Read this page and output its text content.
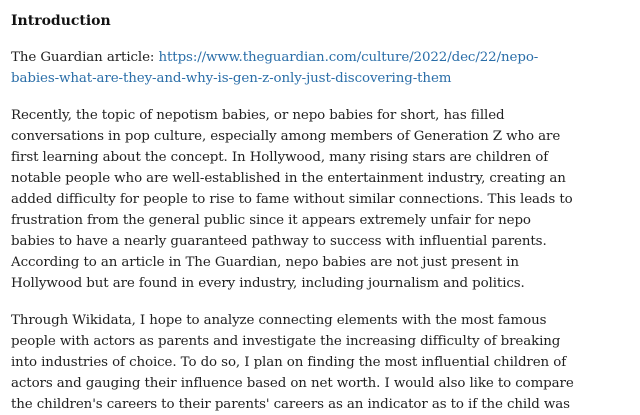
Introduction

The Guardian article: https://www.theguardian.com/culture/2022/dec/22/nepo-
babies-what-are-they-and-why-is-gen-z-only-just-discovering-them

Recently, the topic of nepotism babies, or nepo babies for short, has filled
conversations in pop culture, especially among members of Generation Z who are
first learning about the concept. In Hollywood, many rising stars are children of
notable people who are well-established in the entertainment industry, creating an
added difficulty for people to rise to fame without similar connections. This leads to
frustration from the general public since it appears extremely unfair for nepo
babies to have a nearly guaranteed pathway to success with influential parents.
According to an article in The Guardian, nepo babies are not just present in
Hollywood but are found in every industry, including journalism and politics.

Through Wikidata, I hope to analyze connecting elements with the most famous
people with actors as parents and investigate the increasing difficulty of breaking
into industries of choice. To do so, I plan on finding the most influential children of
actors and gauging their influence based on net worth. I would also like to compare
the children's careers to their parents' careers as an indicator as to if the child was
